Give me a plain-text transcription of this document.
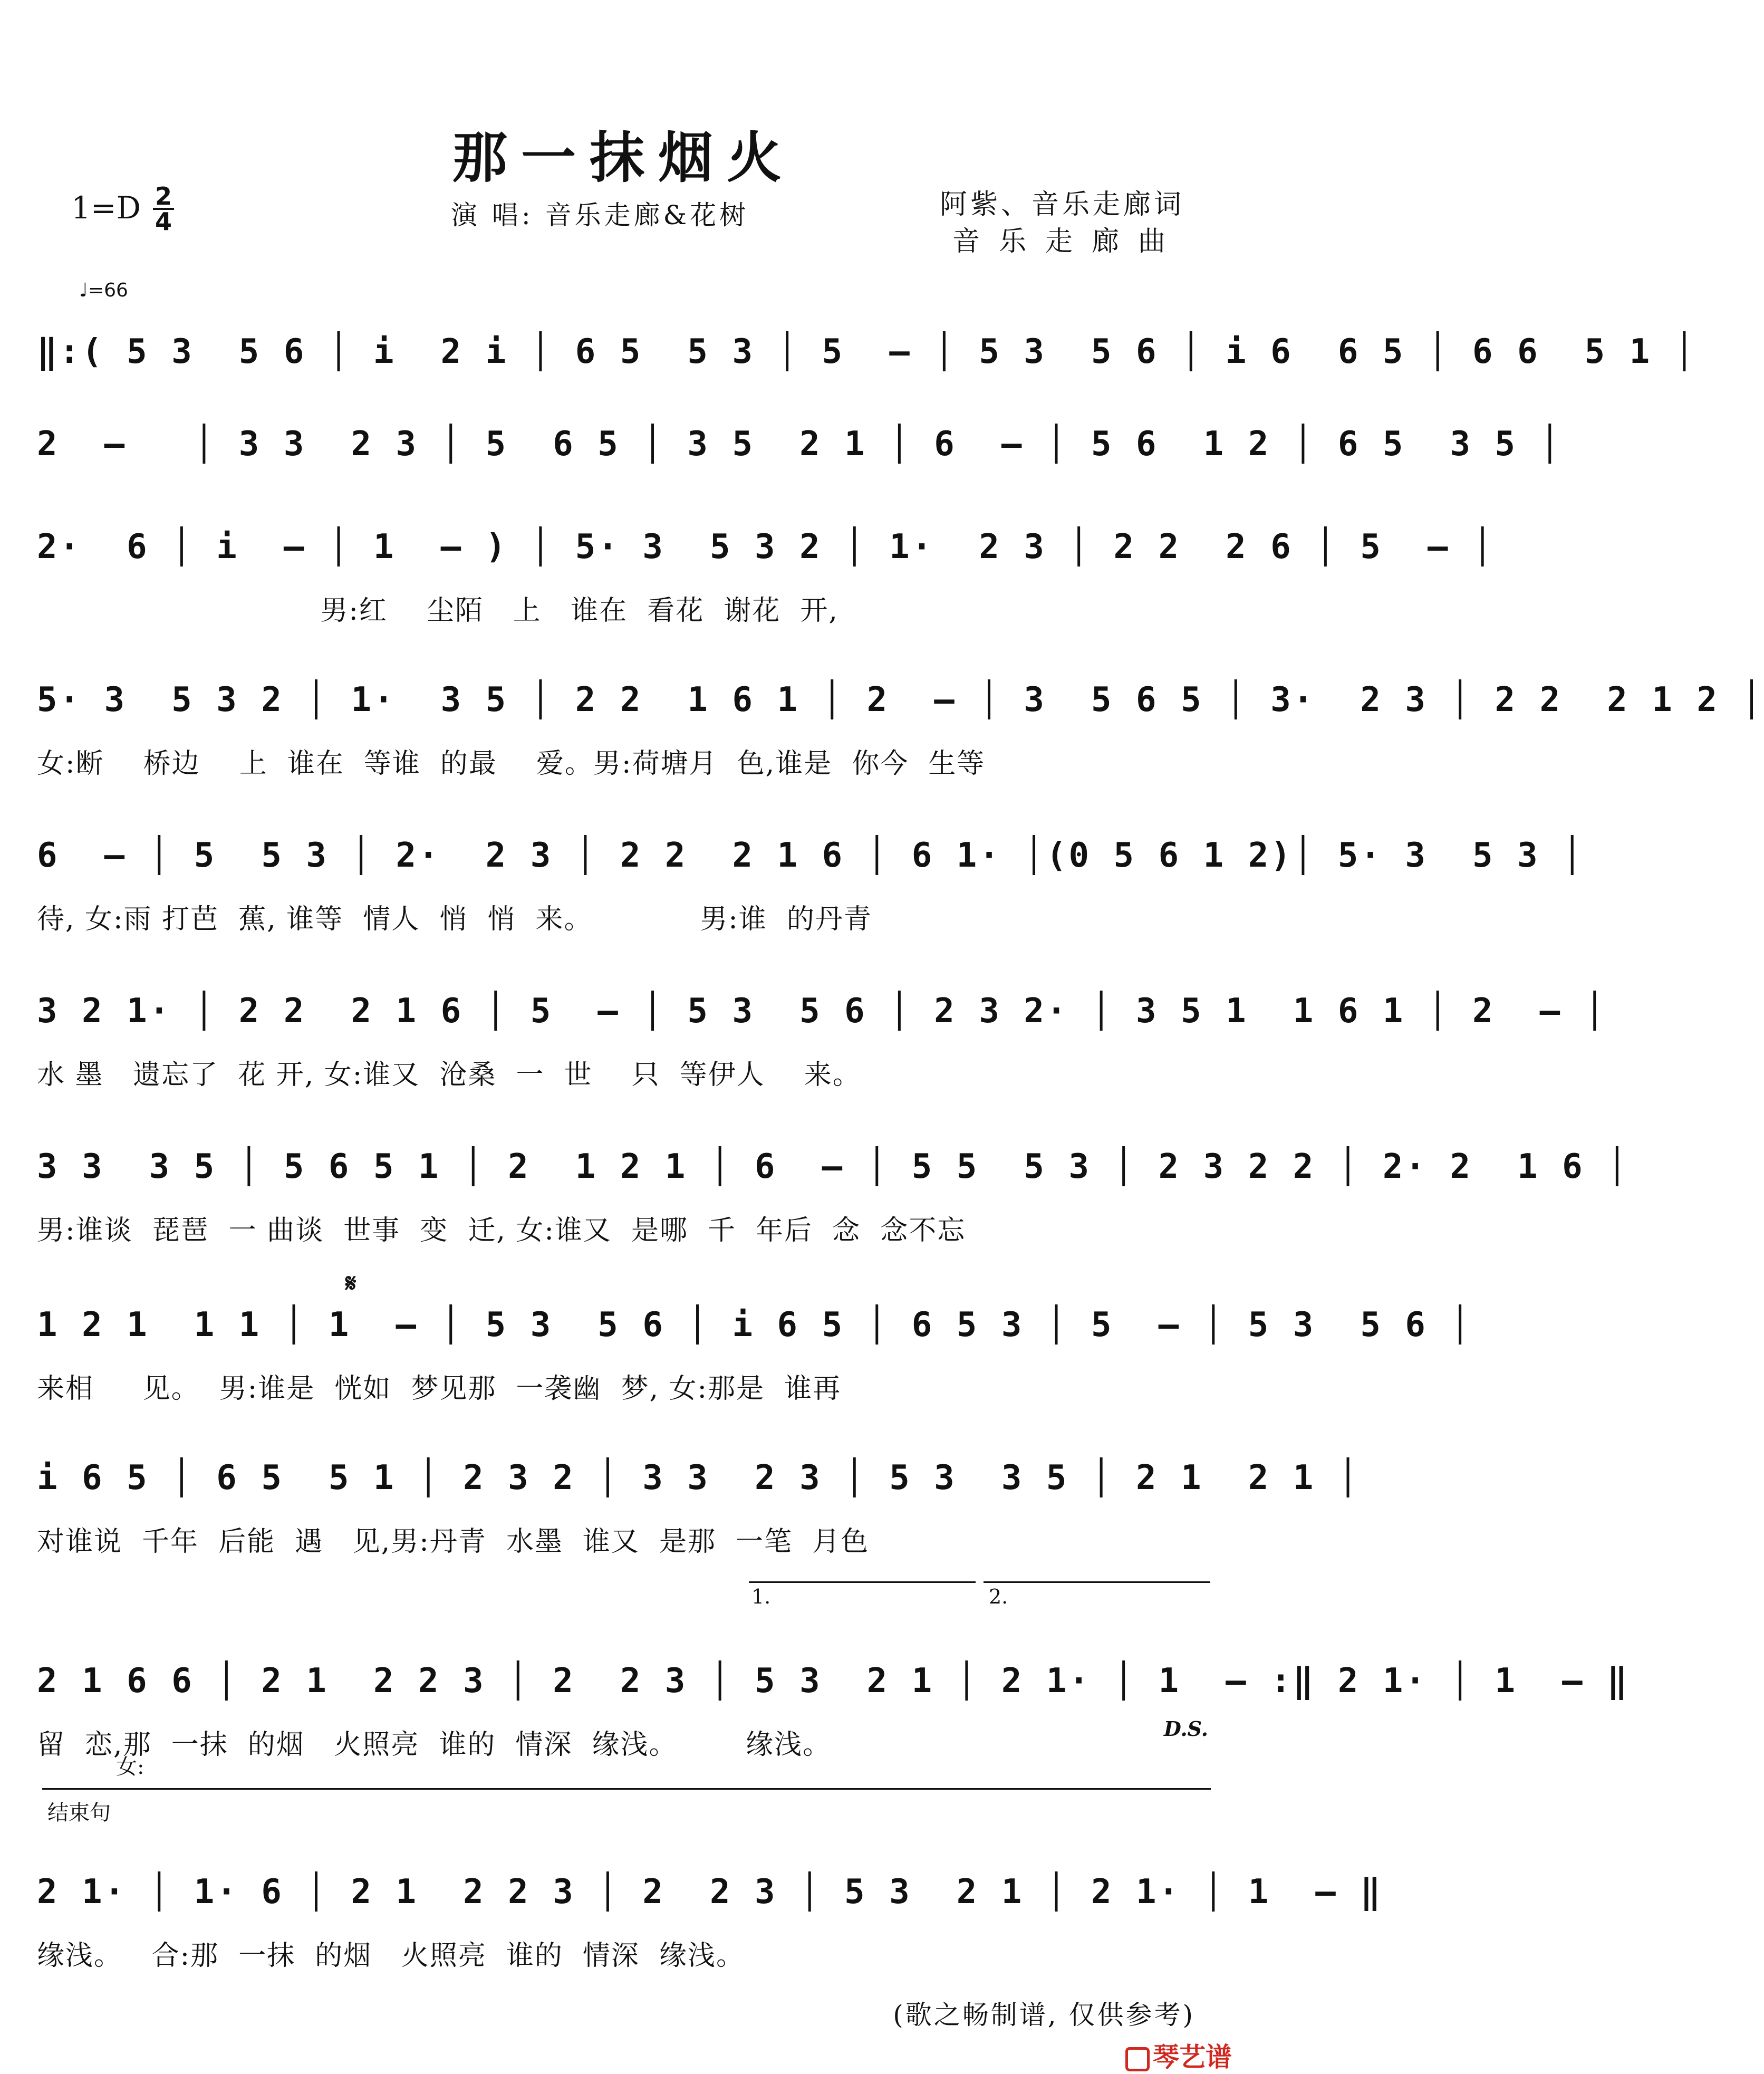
那一抹烟火
1=D 2
4	演 唱: 音乐走廊&花树	阿紫、音乐走廊词
音乐走廊曲
♩=66
‖:( 5 3  5 6 │ i  2 i │ 6 5  5 3 │ 5  – │ 5 3  5 6 │ i 6  6 5 │ 6 6  5 1 │
2  –   │ 3 3  2 3 │ 5  6 5 │ 3 5  2 1 │ 6  – │ 5 6  1 2 │ 6 5  3 5 │
2·  6 │ i  – │ 1  – ) │ 5· 3  5 3 2 │ 1·  2 3 │ 2 2  2 6 │ 5  – │
男:红    尘陌   上   谁在  看花  谢花  开,
5· 3  5 3 2 │ 1·  3 5 │ 2 2  1 6 1 │ 2  – │ 3  5 6 5 │ 3·  2 3 │ 2 2  2 1 2 │
女:断    桥边    上  谁在  等谁  的最    爱。男:荷塘月  色,谁是  你今  生等
6  – │ 5  5 3 │ 2·  2 3 │ 2 2  2 1 6 │ 6 1· │(0 5 6 1 2)│ 5· 3  5 3 │
待, 女:雨 打芭  蕉, 谁等  情人  悄  悄  来。           男:谁  的丹青
3 2 1· │ 2 2  2 1 6 │ 5  – │ 5 3  5 6 │ 2 3 2· │ 3 5 1  1 6 1 │ 2  – │
水 墨   遗忘了  花 开, 女:谁又  沧桑  一  世    只  等伊人    来。
3 3  3 5 │ 5 6 5 1 │ 2  1 2 1 │ 6  – │ 5 5  5 3 │ 2 3 2 2 │ 2· 2  1 6 │
男:谁谈  琵琶  一 曲谈  世事  变  迁, 女:谁又  是哪  千  年后  念  念不忘
𝄋
1 2 1  1 1 │ 1  – │ 5 3  5 6 │ i 6 5 │ 6 5 3 │ 5  – │ 5 3  5 6 │
来相     见。  男:谁是  恍如  梦见那  一袭幽  梦, 女:那是  谁再
i 6 5 │ 6 5  5 1 │ 2 3 2 │ 3 3  2 3 │ 5 3  3 5 │ 2 1  2 1 │
对谁说  千年  后能  遇   见,男:丹青  水墨  谁又  是那  一笔  月色
1.	2.
2 1 6 6 │ 2 1  2 2 3 │ 2  2 3 │ 5 3  2 1 │ 2 1· │ 1  – :‖ 2 1· │ 1  – ‖
留  恋,那  一抹  的烟   火照亮  谁的  情深  缘浅。       缘浅。
女:
D.S.
结束句
2 1· │ 1· 6 │ 2 1  2 2 3 │ 2  2 3 │ 5 3  2 1 │ 2 1· │ 1  – ‖
缘浅。   合:那  一抹  的烟   火照亮  谁的  情深  缘浅。
(歌之畅制谱, 仅供参考)
琴艺谱
